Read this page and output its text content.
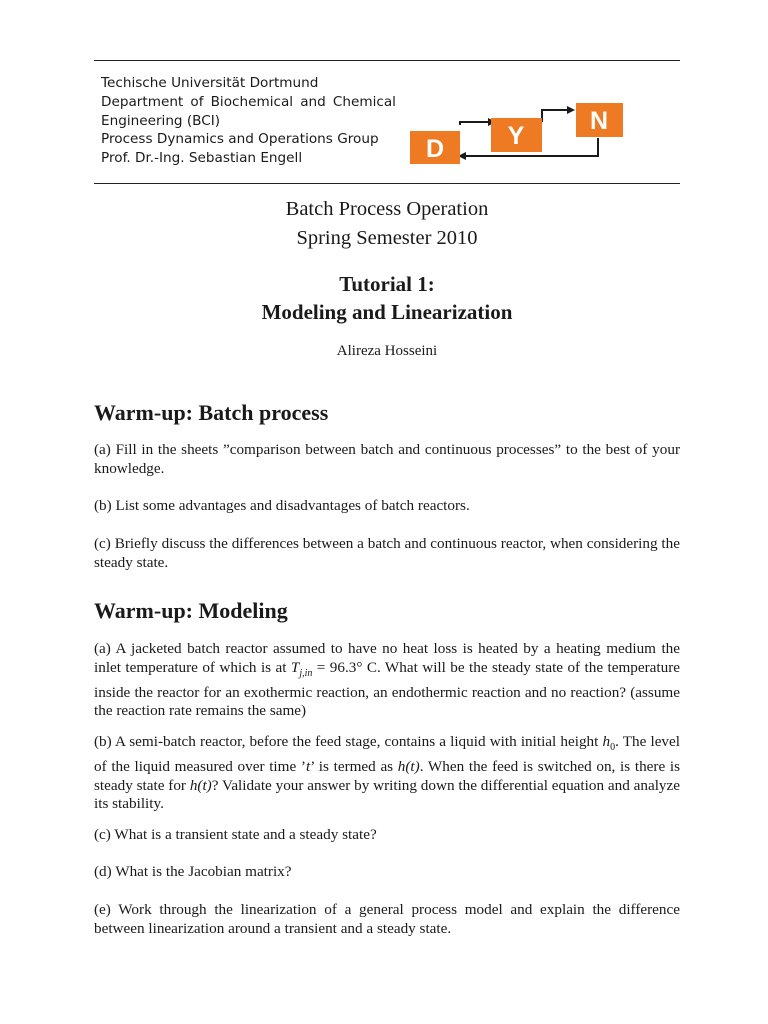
Techische Universität Dortmund
Department of Biochemical and Chemical
Engineering (BCI)
Process Dynamics and Operations Group
Prof. Dr.-Ing. Sebastian Engell	D	Y
N
Batch Process Operation
Spring Semester 2010
Tutorial 1:
Modeling and Linearization
Alireza Hosseini
Warm-up: Batch process
(a) Fill in the sheets ”comparison between batch and continuous processes” to the best of your knowledge.
(b) List some advantages and disadvantages of batch reactors.
(c) Briefly discuss the differences between a batch and continuous reactor, when considering the steady state.
Warm-up: Modeling
(a) A jacketed batch reactor assumed to have no heat loss is heated by a heating medium the inlet temperature of which is at $T_{j,in} = 96.3^\circ$ C. What will be the steady state of the temperature inside the reactor for an exothermic reaction, an endothermic reaction and no reaction? (assume the reaction rate remains the same)
(b) A semi-batch reactor, before the feed stage, contains a liquid with initial height $h_0$. The level of the liquid measured over time ’t’ is termed as h(t). When the feed is switched on, is there is steady state for h(t)? Validate your answer by writing down the differential equation and analyze its stability.
(c) What is a transient state and a steady state?
(d) What is the Jacobian matrix?
(e) Work through the linearization of a general process model and explain the difference between linearization around a transient and a steady state.
